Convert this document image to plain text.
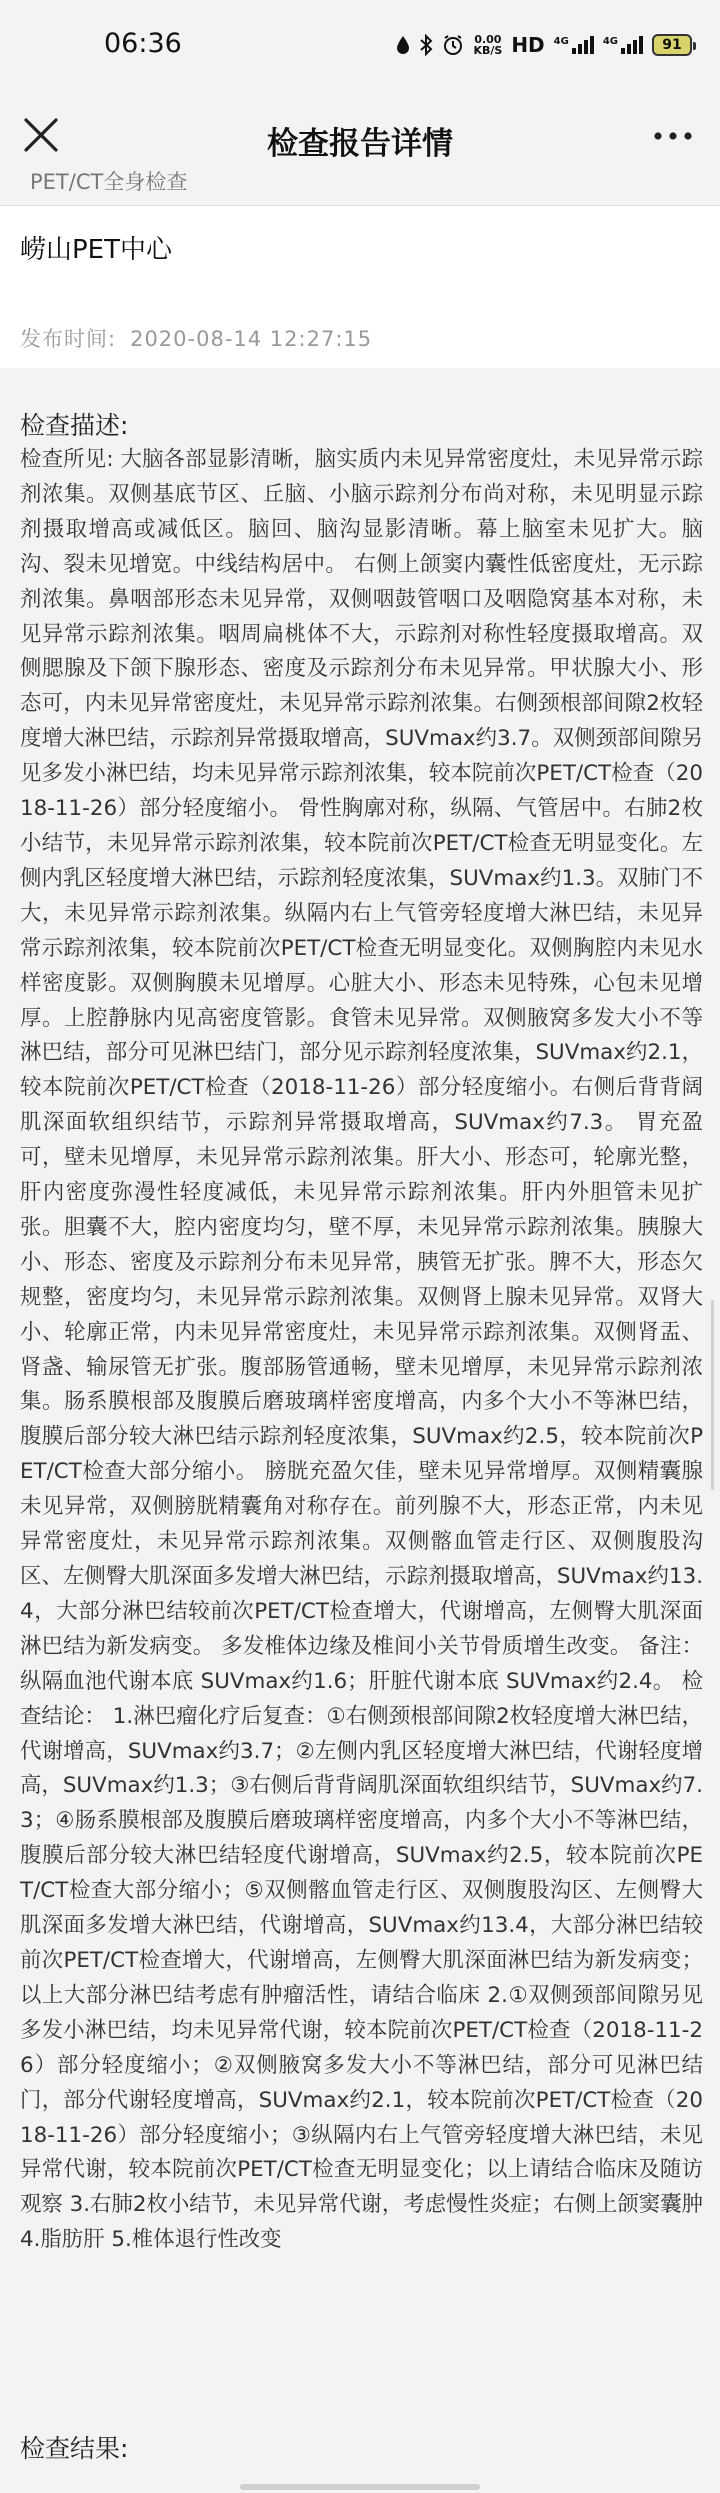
06:36	0.00
KB/S HD 4G	4G	91
检查报告详情
PET/CT全身检查
崂山PET中心
发布时间: 2020-08-14 12:27:15
检查描述:
检查所见: 大脑各部显影清晰，脑实质内未见异常密度灶，未见异常示踪剂浓集。双侧基底节区、丘脑、小脑示踪剂分布尚对称，未见明显示踪剂摄取增高或减低区。脑回、脑沟显影清晰。幕上脑室未见扩大。脑沟、裂未见增宽。中线结构居中。 右侧上颌窦内囊性低密度灶，无示踪剂浓集。鼻咽部形态未见异常，双侧咽鼓管咽口及咽隐窝基本对称，未见异常示踪剂浓集。咽周扁桃体不大，示踪剂对称性轻度摄取增高。双侧腮腺及下颌下腺形态、密度及示踪剂分布未见异常。甲状腺大小、形态可，内未见异常密度灶，未见异常示踪剂浓集。右侧颈根部间隙2枚轻度增大淋巴结，示踪剂异常摄取增高，SUVmax约3.7。双侧颈部间隙另见多发小淋巴结，均未见异常示踪剂浓集，较本院前次PET/CT检查（2018-11-26）部分轻度缩小。 骨性胸廓对称，纵隔、气管居中。右肺2枚小结节，未见异常示踪剂浓集，较本院前次PET/CT检查无明显变化。左侧内乳区轻度增大淋巴结，示踪剂轻度浓集，SUVmax约1.3。双肺门不大，未见异常示踪剂浓集。纵隔内右上气管旁轻度增大淋巴结，未见异常示踪剂浓集，较本院前次PET/CT检查无明显变化。双侧胸腔内未见水样密度影。双侧胸膜未见增厚。心脏大小、形态未见特殊，心包未见增厚。上腔静脉内见高密度管影。食管未见异常。双侧腋窝多发大小不等淋巴结，部分可见淋巴结门，部分见示踪剂轻度浓集，SUVmax约2.1，较本院前次PET/CT检查（2018-11-26）部分轻度缩小。右侧后背背阔肌深面软组织结节，示踪剂异常摄取增高，SUVmax约7.3。 胃充盈可，壁未见增厚，未见异常示踪剂浓集。肝大小、形态可，轮廓光整，肝内密度弥漫性轻度减低，未见异常示踪剂浓集。肝内外胆管未见扩张。胆囊不大，腔内密度均匀，壁不厚，未见异常示踪剂浓集。胰腺大小、形态、密度及示踪剂分布未见异常，胰管无扩张。脾不大，形态欠规整，密度均匀，未见异常示踪剂浓集。双侧肾上腺未见异常。双肾大小、轮廓正常，内未见异常密度灶，未见异常示踪剂浓集。双侧肾盂、肾盏、输尿管无扩张。腹部肠管通畅，壁未见增厚，未见异常示踪剂浓集。肠系膜根部及腹膜后磨玻璃样密度增高，内多个大小不等淋巴结，腹膜后部分较大淋巴结示踪剂轻度浓集，SUVmax约2.5，较本院前次PET/CT检查大部分缩小。 膀胱充盈欠佳，壁未见异常增厚。双侧精囊腺未见异常，双侧膀胱精囊角对称存在。前列腺不大，形态正常，内未见异常密度灶，未见异常示踪剂浓集。双侧髂血管走行区、双侧腹股沟区、左侧臀大肌深面多发增大淋巴结，示踪剂摄取增高，SUVmax约13.4，大部分淋巴结较前次PET/CT检查增大，代谢增高，左侧臀大肌深面淋巴结为新发病变。 多发椎体边缘及椎间小关节骨质增生改变。 备注：纵隔血池代谢本底 SUVmax约1.6；肝脏代谢本底 SUVmax约2.4。 检查结论： 1.淋巴瘤化疗后复查：①右侧颈根部间隙2枚轻度增大淋巴结，代谢增高，SUVmax约3.7；②左侧内乳区轻度增大淋巴结，代谢轻度增高，SUVmax约1.3；③右侧后背背阔肌深面软组织结节，SUVmax约7.3；④肠系膜根部及腹膜后磨玻璃样密度增高，内多个大小不等淋巴结，腹膜后部分较大淋巴结轻度代谢增高，SUVmax约2.5，较本院前次PET/CT检查大部分缩小；⑤双侧髂血管走行区、双侧腹股沟区、左侧臀大肌深面多发增大淋巴结，代谢增高，SUVmax约13.4，大部分淋巴结较前次PET/CT检查增大，代谢增高，左侧臀大肌深面淋巴结为新发病变；以上大部分淋巴结考虑有肿瘤活性，请结合临床 2.①双侧颈部间隙另见多发小淋巴结，均未见异常代谢，较本院前次PET/CT检查（2018-11-26）部分轻度缩小；②双侧腋窝多发大小不等淋巴结，部分可见淋巴结门，部分代谢轻度增高，SUVmax约2.1，较本院前次PET/CT检查（2018-11-26）部分轻度缩小；③纵隔内右上气管旁轻度增大淋巴结，未见异常代谢，较本院前次PET/CT检查无明显变化；以上请结合临床及随访观察 3.右肺2枚小结节，未见异常代谢，考虑慢性炎症；右侧上颌窦囊肿 4.脂肪肝 5.椎体退行性改变
检查结果:
